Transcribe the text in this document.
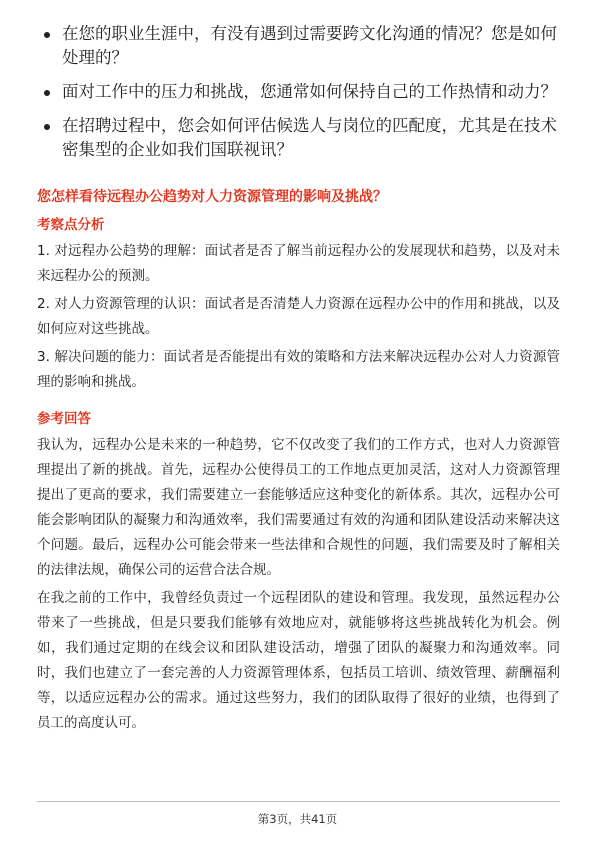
在您的职业生涯中，有没有遇到过需要跨文化沟通的情况？您是如何处理的？
面对工作中的压力和挑战，您通常如何保持自己的工作热情和动力？
在招聘过程中，您会如何评估候选人与岗位的匹配度，尤其是在技术密集型的企业如我们国联视讯？
您怎样看待远程办公趋势对人力资源管理的影响及挑战？
考察点分析

1. 对远程办公趋势的理解：面试者是否了解当前远程办公的发展现状和趋势，以及对未来远程办公的预测。

2. 对人力资源管理的认识：面试者是否清楚人力资源在远程办公中的作用和挑战，以及如何应对这些挑战。

3. 解决问题的能力：面试者是否能提出有效的策略和方法来解决远程办公对人力资源管理的影响和挑战。

参考回答

我认为，远程办公是未来的一种趋势，它不仅改变了我们的工作方式，也对人力资源管理提出了新的挑战。首先，远程办公使得员工的工作地点更加灵活，这对人力资源管理提出了更高的要求，我们需要建立一套能够适应这种变化的新体系。其次，远程办公可能会影响团队的凝聚力和沟通效率，我们需要通过有效的沟通和团队建设活动来解决这个问题。最后，远程办公可能会带来一些法律和合规性的问题，我们需要及时了解相关的法律法规，确保公司的运营合法合规。

在我之前的工作中，我曾经负责过一个远程团队的建设和管理。我发现，虽然远程办公带来了一些挑战，但是只要我们能够有效地应对，就能够将这些挑战转化为机会。例如，我们通过定期的在线会议和团队建设活动，增强了团队的凝聚力和沟通效率。同时，我们也建立了一套完善的人力资源管理体系，包括员工培训、绩效管理、薪酬福利等，以适应远程办公的需求。通过这些努力，我们的团队取得了很好的业绩，也得到了员工的高度认可。

第3页，共41页
